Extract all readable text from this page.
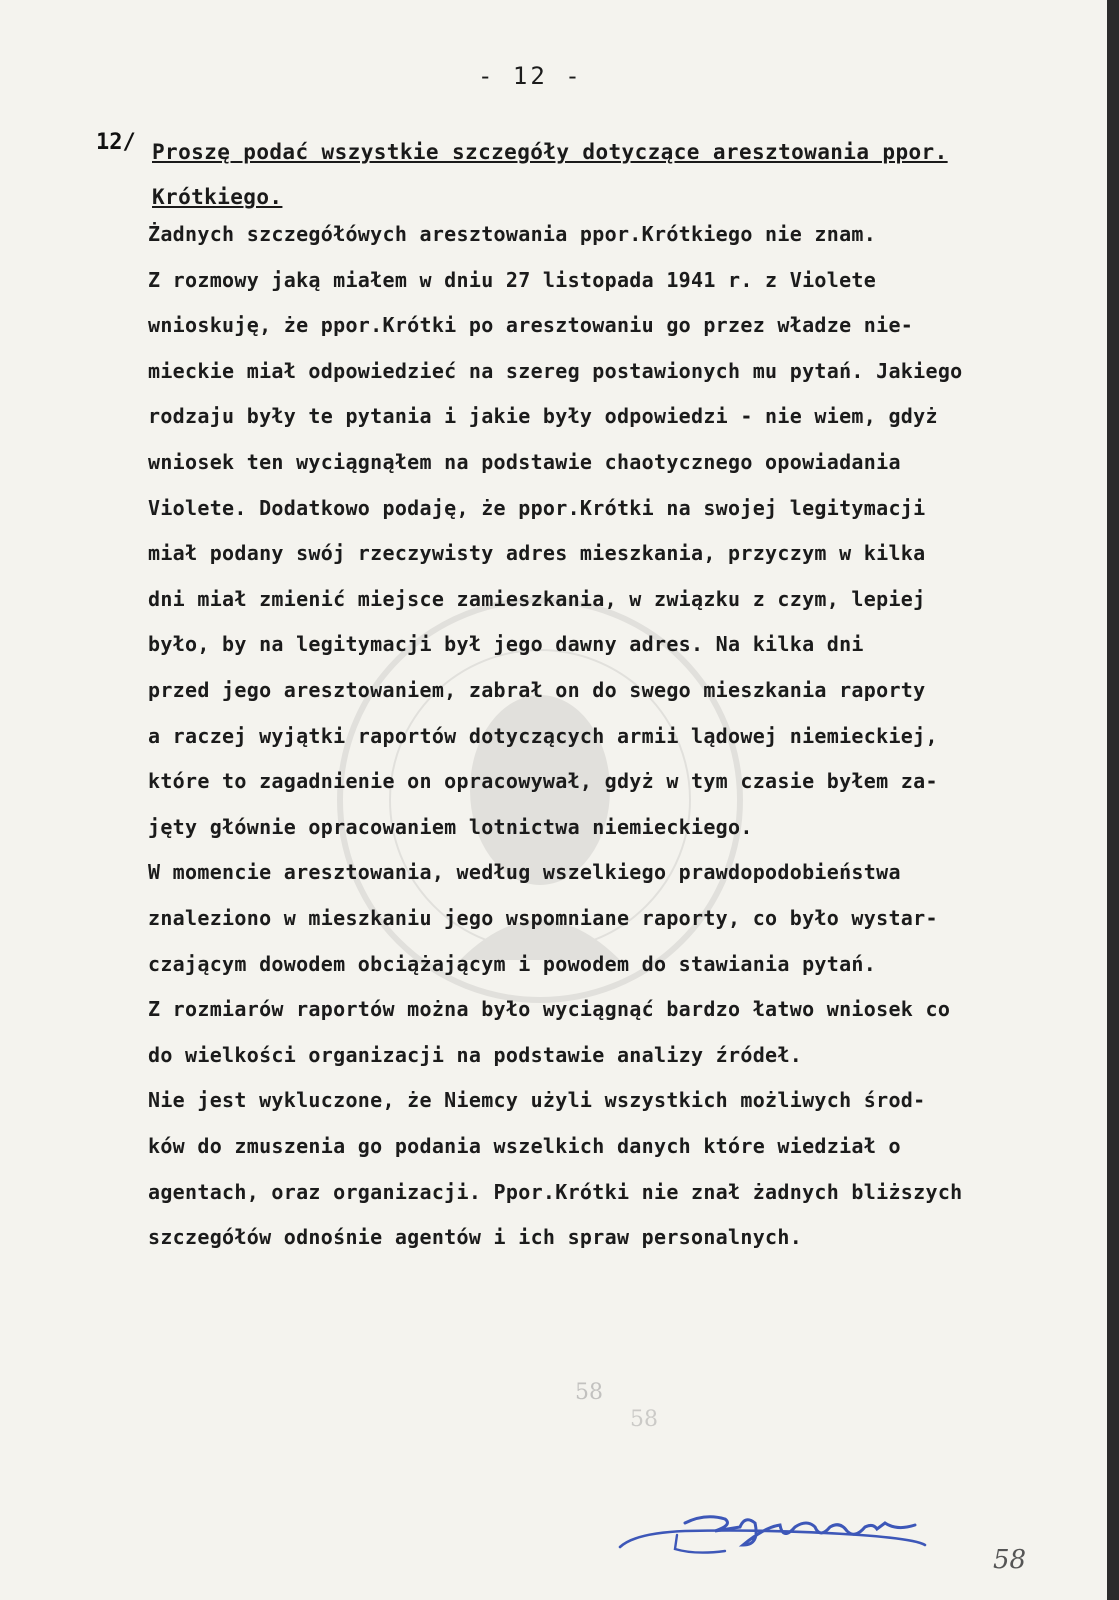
- 12 -
12/ Proszę podać wszystkie szczegóły dotyczące aresztowania ppor. Krótkiego.
Żadnych szczegółówych aresztowania ppor.Krótkiego nie znam.
Z rozmowy jaką miałem w dniu 27 listopada 1941 r. z Violete
wnioskuję, że ppor.Krótki po aresztowaniu go przez władze nie-
mieckie miał odpowiedzieć na szereg postawionych mu pytań. Jakiego
rodzaju były te pytania i jakie były odpowiedzi - nie wiem, gdyż
wniosek ten wyciągnąłem na podstawie chaotycznego opowiadania
Violete. Dodatkowo podaję, że ppor.Krótki na swojej legitymacji
miał podany swój rzeczywisty adres mieszkania, przyczym w kilka
dni miał zmienić miejsce zamieszkania, w związku z czym, lepiej
było, by na legitymacji był jego dawny adres. Na kilka dni
przed jego aresztowaniem, zabrał on do swego mieszkania raporty
a raczej wyjątki raportów dotyczących armii lądowej niemieckiej,
które to zagadnienie on opracowywał, gdyż w tym czasie byłem za-
jęty głównie opracowaniem lotnictwa niemieckiego.
W momencie aresztowania, według wszelkiego prawdopodobieństwa
znaleziono w mieszkaniu jego wspomniane raporty, co było wystar-
czającym dowodem obciążającym i powodem do stawiania pytań.
Z rozmiarów raportów można było wyciągnąć bardzo łatwo wniosek co
do wielkości organizacji na podstawie analizy źródeł.
Nie jest wykluczone, że Niemcy użyli wszystkich możliwych środ-
ków do zmuszenia go podania wszelkich danych które wiedział o
agentach, oraz organizacji. Ppor.Krótki nie znał żadnych bliższych
szczegółów odnośnie agentów i ich spraw personalnych.
58
58
58
